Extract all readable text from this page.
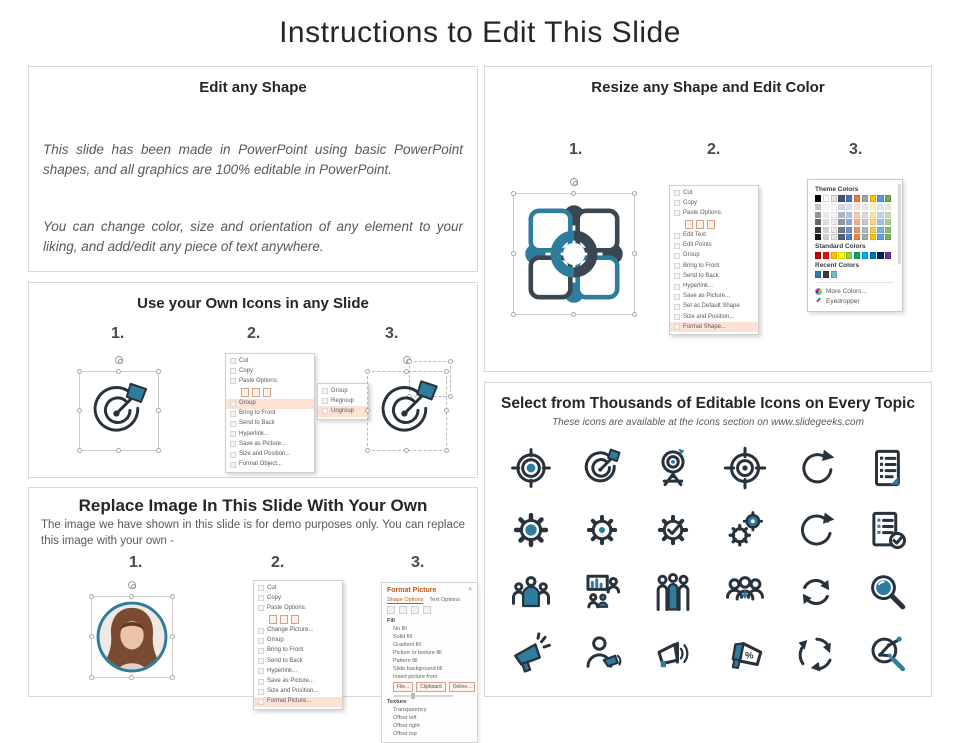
Instructions to Edit This Slide
Edit any Shape
This slide has been made in PowerPoint using basic PowerPoint shapes, and all graphics are 100% editable in PowerPoint.
You can change color, size and orientation of any element to your liking, and add/edit any piece of text anywhere.
Use your Own Icons in any Slide
1.	2.	3.
Cut
Copy
Paste Options:
Group
Bring to Front
Send to Back
Hyperlink...
Save as Picture...
Size and Position...
Format Object...
Group
Regroup
Ungroup
Replace Image In This Slide With Your Own
The image we have shown in this slide is for demo purposes only. You can replace this image with your own -
1.	2.	3.
Cut
Copy
Paste Options:
Change Picture...
Group
Bring to Front
Send to Back
Hyperlink...
Save as Picture...
Size and Position...
Format Picture...
×
Format Picture
Shape Options Text Options
Fill
No fill
Solid fill
Gradient fill
Picture or texture fill
Pattern fill
Slide background fill
Insert picture from
File...	Clipboard	Online...
Texture
Transparency
Offset left
Offset right
Offset top
Resize any Shape and Edit Color
1.	2.	3.
Cut
Copy
Paste Options:
Edit Text
Edit Points
Group
Bring to Front
Send to Back
Hyperlink...
Save as Picture...
Set as Default Shape
Size and Position...
Format Shape...
Theme Colors
Standard Colors
Recent Colors
More Colors...
Eyedropper
Select from Thousands of Editable Icons on Every Topic
These icons are available at the Icons section on www.slidegeeks.com
%
